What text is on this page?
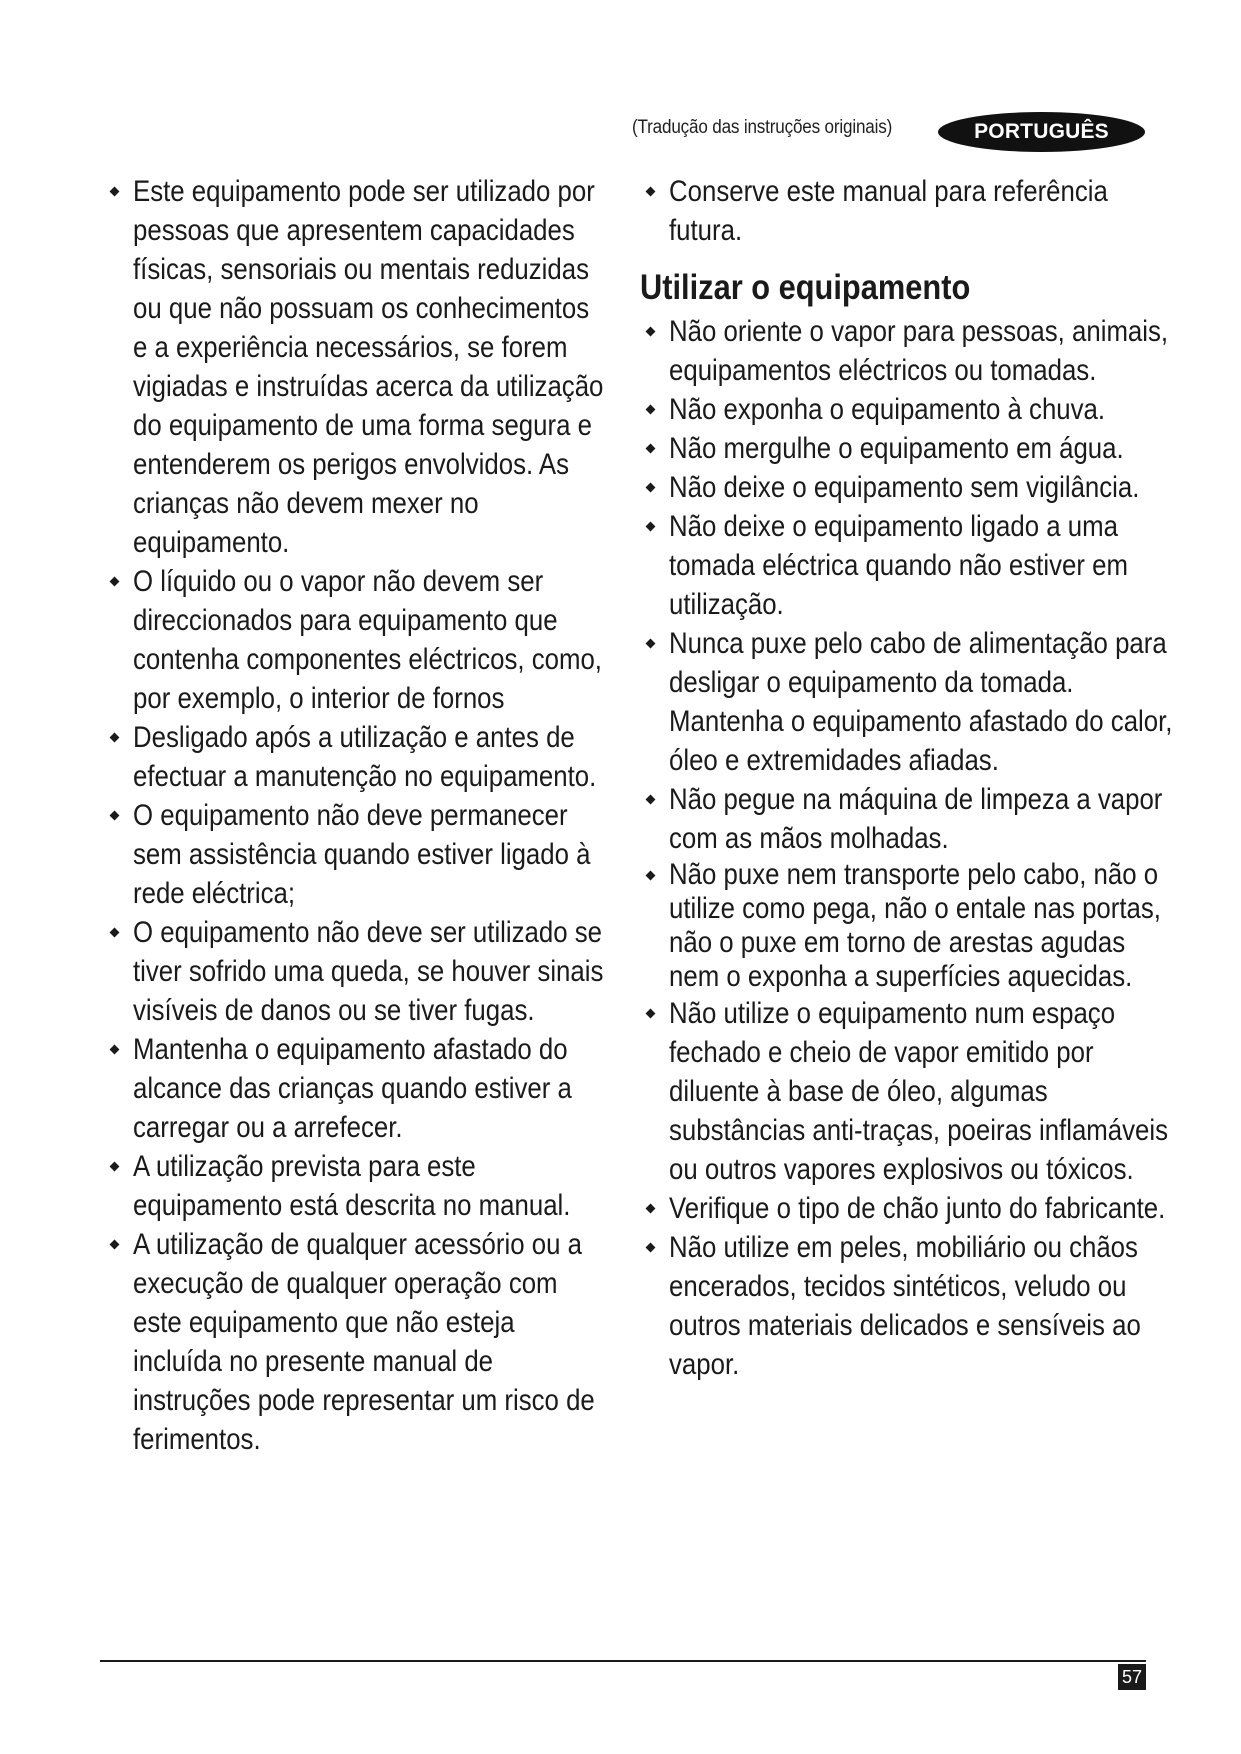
(Tradução das instruções originais)	PORTUGUÊS
Este equipamento pode ser utilizado por pessoas que apresentem capacidades físicas, sensoriais ou mentais reduzidas ou que não possuam os conhecimentos e a experiência necessários, se forem vigiadas e instruídas acerca da utilização do equipamento de uma forma segura e entenderem os perigos envolvidos. As crianças não devem mexer no equipamento.
O líquido ou o vapor não devem ser direccionados para equipamento que contenha componentes eléctricos, como, por exemplo, o interior de fornos
Desligado após a utilização e antes de efectuar a manutenção no equipamento.
O equipamento não deve permanecer sem assistência quando estiver ligado à rede eléctrica;
O equipamento não deve ser utilizado se tiver sofrido uma queda, se houver sinais visíveis de danos ou se tiver fugas.
Mantenha o equipamento afastado do alcance das crianças quando estiver a carregar ou a arrefecer.
A utilização prevista para este equipamento está descrita no manual.
A utilização de qualquer acessório ou a execução de qualquer operação com este equipamento que não esteja incluída no presente manual de instruções pode representar um risco de ferimentos.
Conserve este manual para referência futura.
Utilizar o equipamento
Não oriente o vapor para pessoas, animais, equipamentos eléctricos ou tomadas.
Não exponha o equipamento à chuva.
Não mergulhe o equipamento em água.
Não deixe o equipamento sem vigilância.
Não deixe o equipamento ligado a uma tomada eléctrica quando não estiver em utilização.
Nunca puxe pelo cabo de alimentação para desligar o equipamento da tomada. Mantenha o equipamento afastado do calor, óleo e extremidades afiadas.
Não pegue na máquina de limpeza a vapor com as mãos molhadas.
Não puxe nem transporte pelo cabo, não o utilize como pega, não o entale nas portas, não o puxe em torno de arestas agudas nem o exponha a superfícies aquecidas.
Não utilize o equipamento num espaço fechado e cheio de vapor emitido por diluente à base de óleo, algumas substâncias anti-traças, poeiras inflamáveis ou outros vapores explosivos ou tóxicos.
Verifique o tipo de chão junto do fabricante.
Não utilize em peles, mobiliário ou chãos encerados, tecidos sintéticos, veludo ou outros materiais delicados e sensíveis ao vapor.
57
